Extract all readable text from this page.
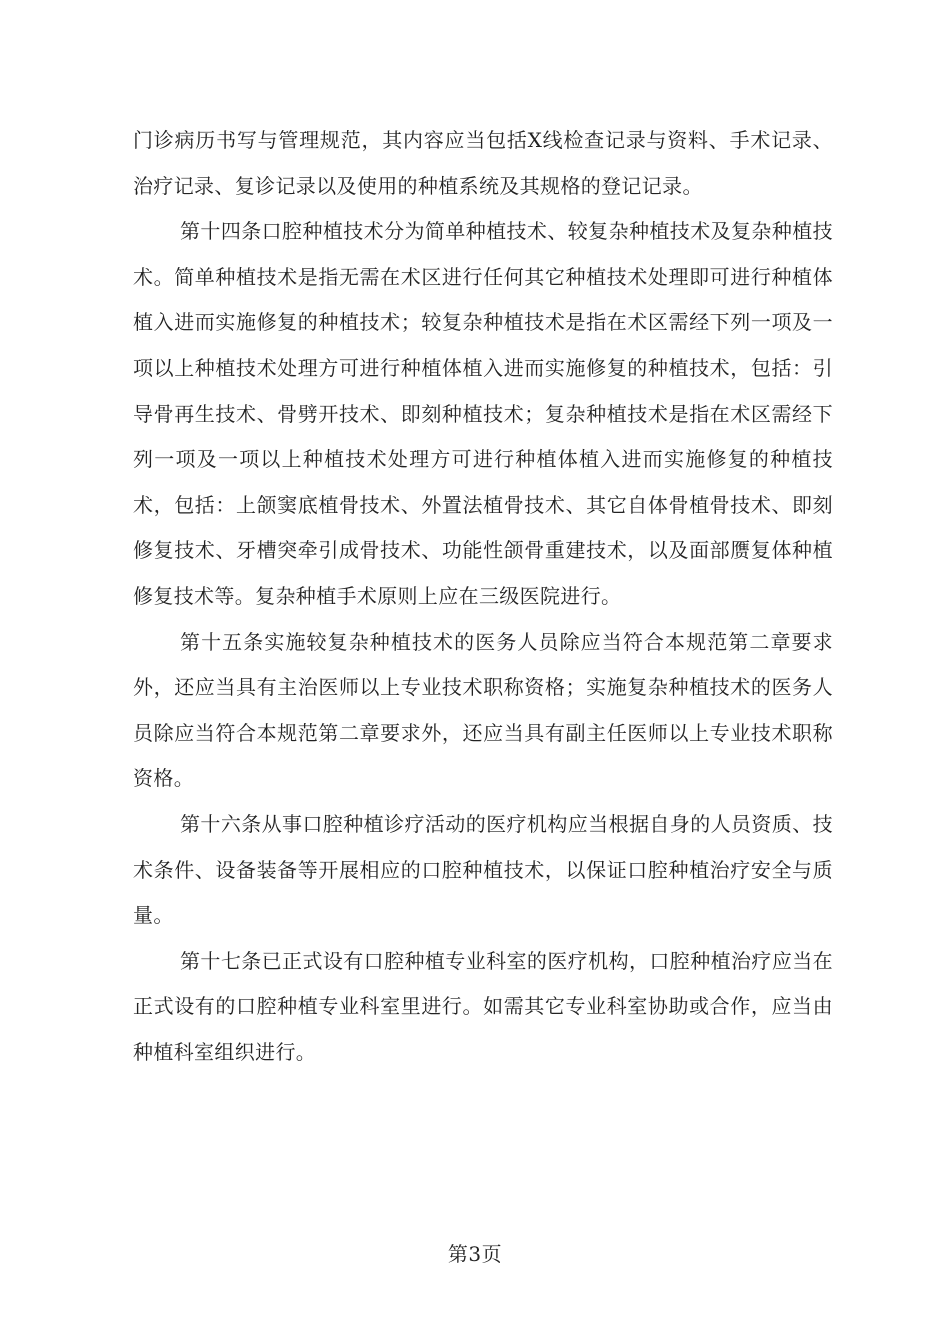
门诊病历书写与管理规范，其内容应当包括X线检查记录与资料、手术记录、治疗记录、复诊记录以及使用的种植系统及其规格的登记记录。

第十四条口腔种植技术分为简单种植技术、较复杂种植技术及复杂种植技术。简单种植技术是指无需在术区进行任何其它种植技术处理即可进行种植体植入进而实施修复的种植技术；较复杂种植技术是指在术区需经下列一项及一项以上种植技术处理方可进行种植体植入进而实施修复的种植技术，包括：引导骨再生技术、骨劈开技术、即刻种植技术；复杂种植技术是指在术区需经下列一项及一项以上种植技术处理方可进行种植体植入进而实施修复的种植技术，包括：上颌窦底植骨技术、外置法植骨技术、其它自体骨植骨技术、即刻修复技术、牙槽突牵引成骨技术、功能性颌骨重建技术，以及面部赝复体种植修复技术等。复杂种植手术原则上应在三级医院进行。

第十五条实施较复杂种植技术的医务人员除应当符合本规范第二章要求外，还应当具有主治医师以上专业技术职称资格；实施复杂种植技术的医务人员除应当符合本规范第二章要求外，还应当具有副主任医师以上专业技术职称资格。

第十六条从事口腔种植诊疗活动的医疗机构应当根据自身的人员资质、技术条件、设备装备等开展相应的口腔种植技术，以保证口腔种植治疗安全与质量。

第十七条已正式设有口腔种植专业科室的医疗机构，口腔种植治疗应当在正式设有的口腔种植专业科室里进行。如需其它专业科室协助或合作，应当由种植科室组织进行。

第3页
